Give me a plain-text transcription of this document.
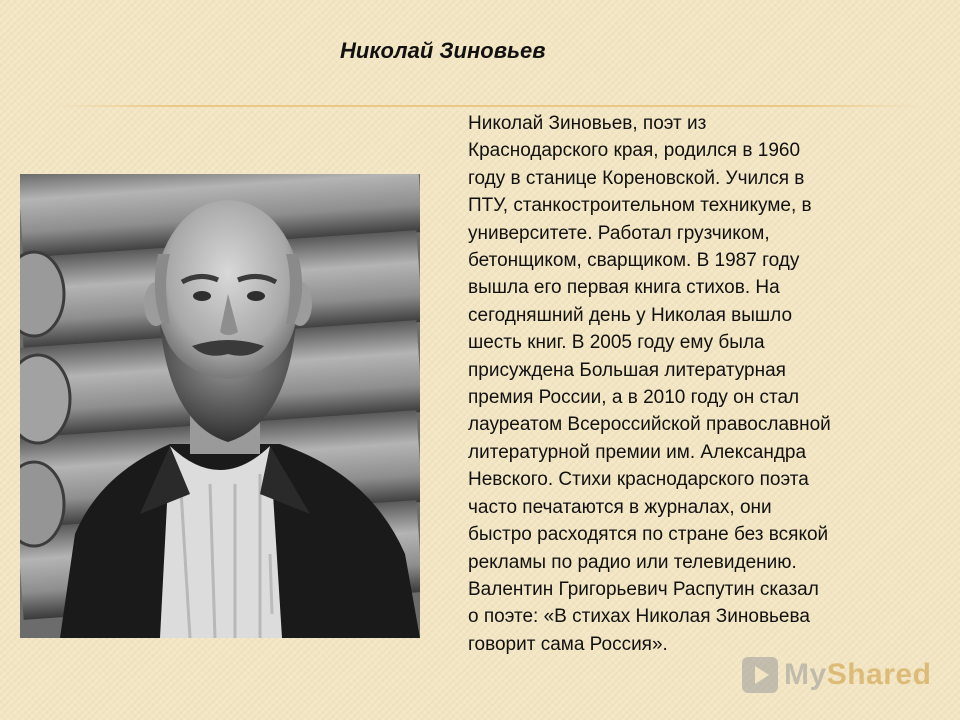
Николай Зиновьев
Николай Зиновьев, поэт из
Краснодарского края, родился в 1960
году в станице Кореновской. Учился в
ПТУ, станкостроительном техникуме, в
университете. Работал грузчиком,
бетонщиком, сварщиком. В 1987 году
вышла его первая книга стихов. На
сегодняшний день у Николая вышло
шесть книг. В 2005 году ему была
присуждена Большая литературная
премия России, а в 2010 году он стал
лауреатом Всероссийской православной
литературной премии им. Александра
Невского. Стихи краснодарского поэта
часто печатаются в журналах, они
быстро расходятся по стране без всякой
рекламы по радио или телевидению.
Валентин Григорьевич Распутин сказал
о поэте: «В стихах Николая Зиновьева
говорит сама Россия».
MyShared
